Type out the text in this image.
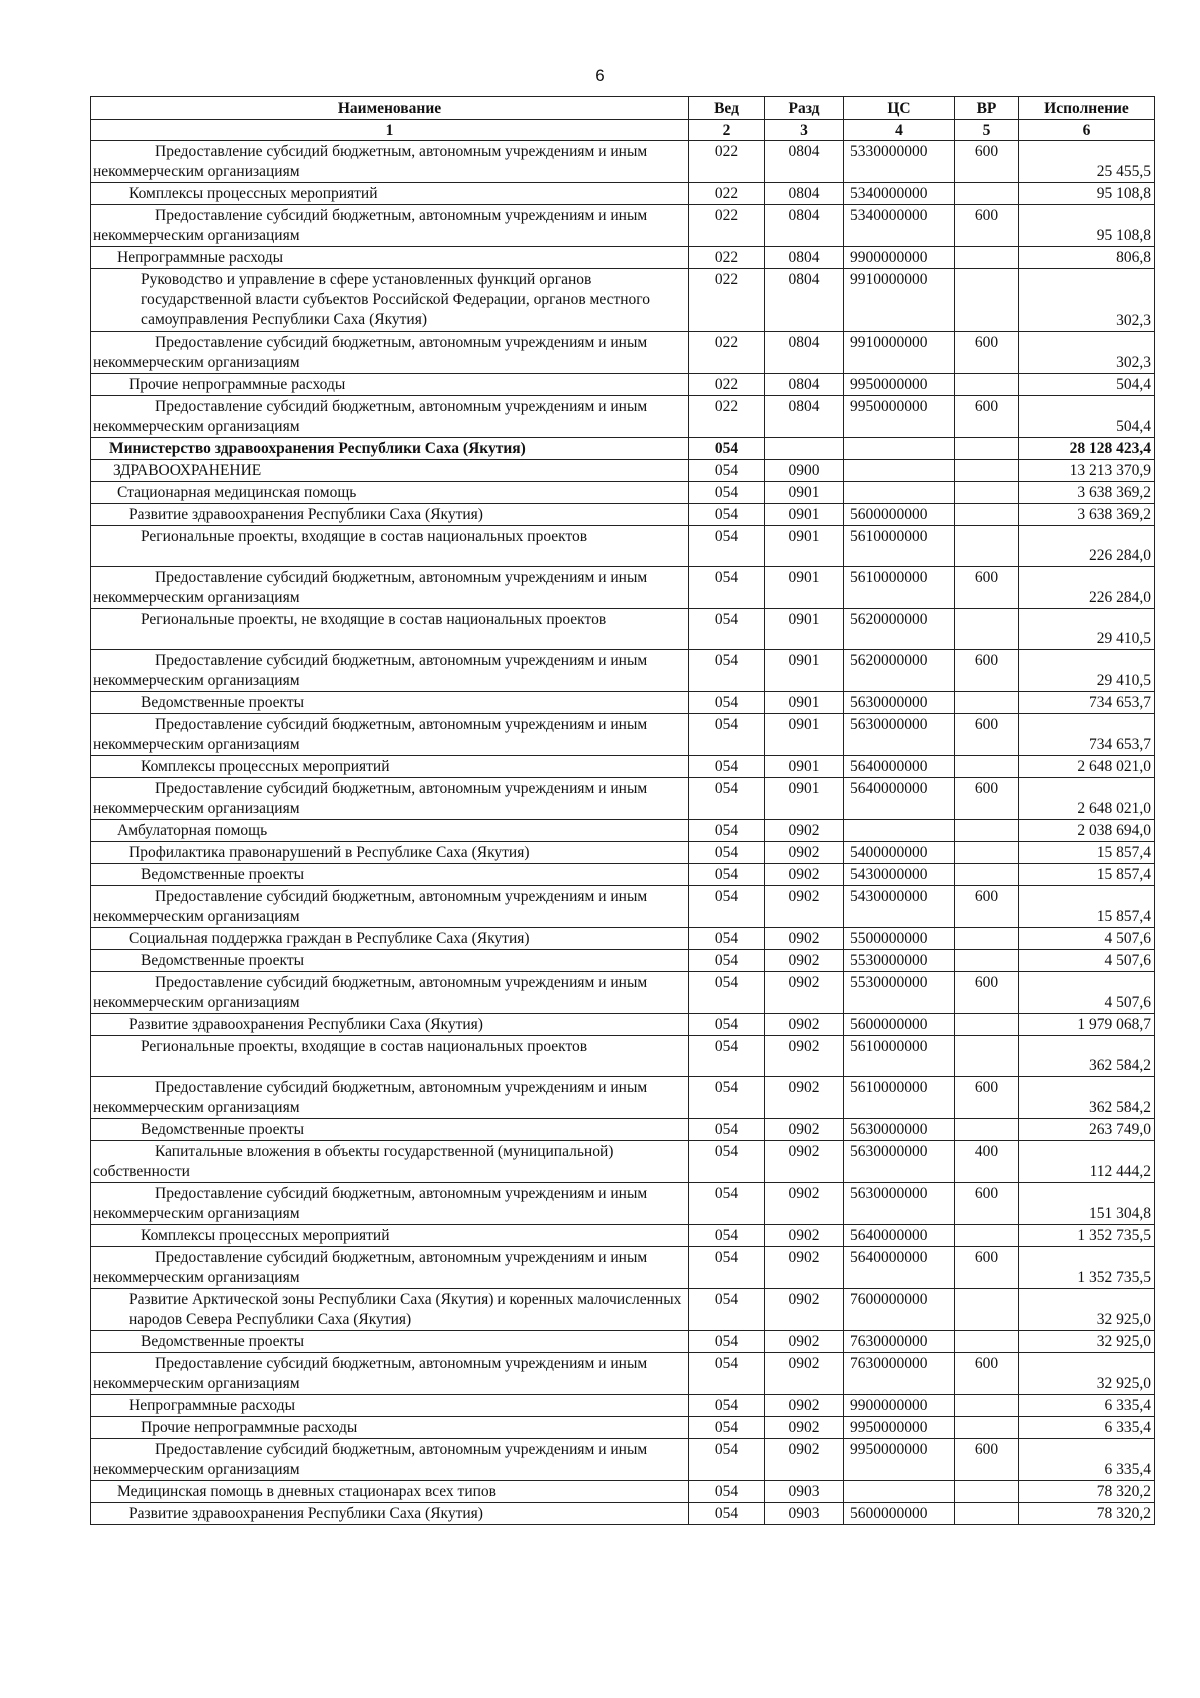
6
Наименование	Вед	Разд	ЦС	ВР	Исполнение
1	2	3	4	5	6
Предоставление субсидий бюджетным, автономным учреждениям и иным некоммерческим организациям	022	0804	5330000000	600	25 455,5
Комплексы процессных мероприятий	022	0804	5340000000		95 108,8
Предоставление субсидий бюджетным, автономным учреждениям и иным некоммерческим организациям	022	0804	5340000000	600	95 108,8
Непрограммные расходы	022	0804	9900000000		806,8
Руководство и управление в сфере установленных функций органов государственной власти субъектов Российской Федерации, органов местного самоуправления Республики Саха (Якутия)	022	0804	9910000000		302,3
Предоставление субсидий бюджетным, автономным учреждениям и иным некоммерческим организациям	022	0804	9910000000	600	302,3
Прочие непрограммные расходы	022	0804	9950000000		504,4
Предоставление субсидий бюджетным, автономным учреждениям и иным некоммерческим организациям	022	0804	9950000000	600	504,4
Министерство здравоохранения Республики Саха (Якутия)	054				28 128 423,4
ЗДРАВООХРАНЕНИЕ	054	0900			13 213 370,9
Стационарная медицинская помощь	054	0901			3 638 369,2
Развитие здравоохранения Республики Саха (Якутия)	054	0901	5600000000		3 638 369,2
Региональные проекты, входящие в состав национальных проектов	054	0901	5610000000		226 284,0
Предоставление субсидий бюджетным, автономным учреждениям и иным некоммерческим организациям	054	0901	5610000000	600	226 284,0
Региональные проекты, не входящие в состав национальных проектов	054	0901	5620000000		29 410,5
Предоставление субсидий бюджетным, автономным учреждениям и иным некоммерческим организациям	054	0901	5620000000	600	29 410,5
Ведомственные проекты	054	0901	5630000000		734 653,7
Предоставление субсидий бюджетным, автономным учреждениям и иным некоммерческим организациям	054	0901	5630000000	600	734 653,7
Комплексы процессных мероприятий	054	0901	5640000000		2 648 021,0
Предоставление субсидий бюджетным, автономным учреждениям и иным некоммерческим организациям	054	0901	5640000000	600	2 648 021,0
Амбулаторная помощь	054	0902			2 038 694,0
Профилактика правонарушений в Республике Саха (Якутия)	054	0902	5400000000		15 857,4
Ведомственные проекты	054	0902	5430000000		15 857,4
Предоставление субсидий бюджетным, автономным учреждениям и иным некоммерческим организациям	054	0902	5430000000	600	15 857,4
Социальная поддержка граждан в Республике Саха (Якутия)	054	0902	5500000000		4 507,6
Ведомственные проекты	054	0902	5530000000		4 507,6
Предоставление субсидий бюджетным, автономным учреждениям и иным некоммерческим организациям	054	0902	5530000000	600	4 507,6
Развитие здравоохранения Республики Саха (Якутия)	054	0902	5600000000		1 979 068,7
Региональные проекты, входящие в состав национальных проектов	054	0902	5610000000		362 584,2
Предоставление субсидий бюджетным, автономным учреждениям и иным некоммерческим организациям	054	0902	5610000000	600	362 584,2
Ведомственные проекты	054	0902	5630000000		263 749,0
Капитальные вложения в объекты государственной (муниципальной) собственности	054	0902	5630000000	400	112 444,2
Предоставление субсидий бюджетным, автономным учреждениям и иным некоммерческим организациям	054	0902	5630000000	600	151 304,8
Комплексы процессных мероприятий	054	0902	5640000000		1 352 735,5
Предоставление субсидий бюджетным, автономным учреждениям и иным некоммерческим организациям	054	0902	5640000000	600	1 352 735,5
Развитие Арктической зоны Республики Саха (Якутия) и коренных малочисленных народов Севера Республики Саха (Якутия)	054	0902	7600000000		32 925,0
Ведомственные проекты	054	0902	7630000000		32 925,0
Предоставление субсидий бюджетным, автономным учреждениям и иным некоммерческим организациям	054	0902	7630000000	600	32 925,0
Непрограммные расходы	054	0902	9900000000		6 335,4
Прочие непрограммные расходы	054	0902	9950000000		6 335,4
Предоставление субсидий бюджетным, автономным учреждениям и иным некоммерческим организациям	054	0902	9950000000	600	6 335,4
Медицинская помощь в дневных стационарах всех типов	054	0903			78 320,2
Развитие здравоохранения Республики Саха (Якутия)	054	0903	5600000000		78 320,2
